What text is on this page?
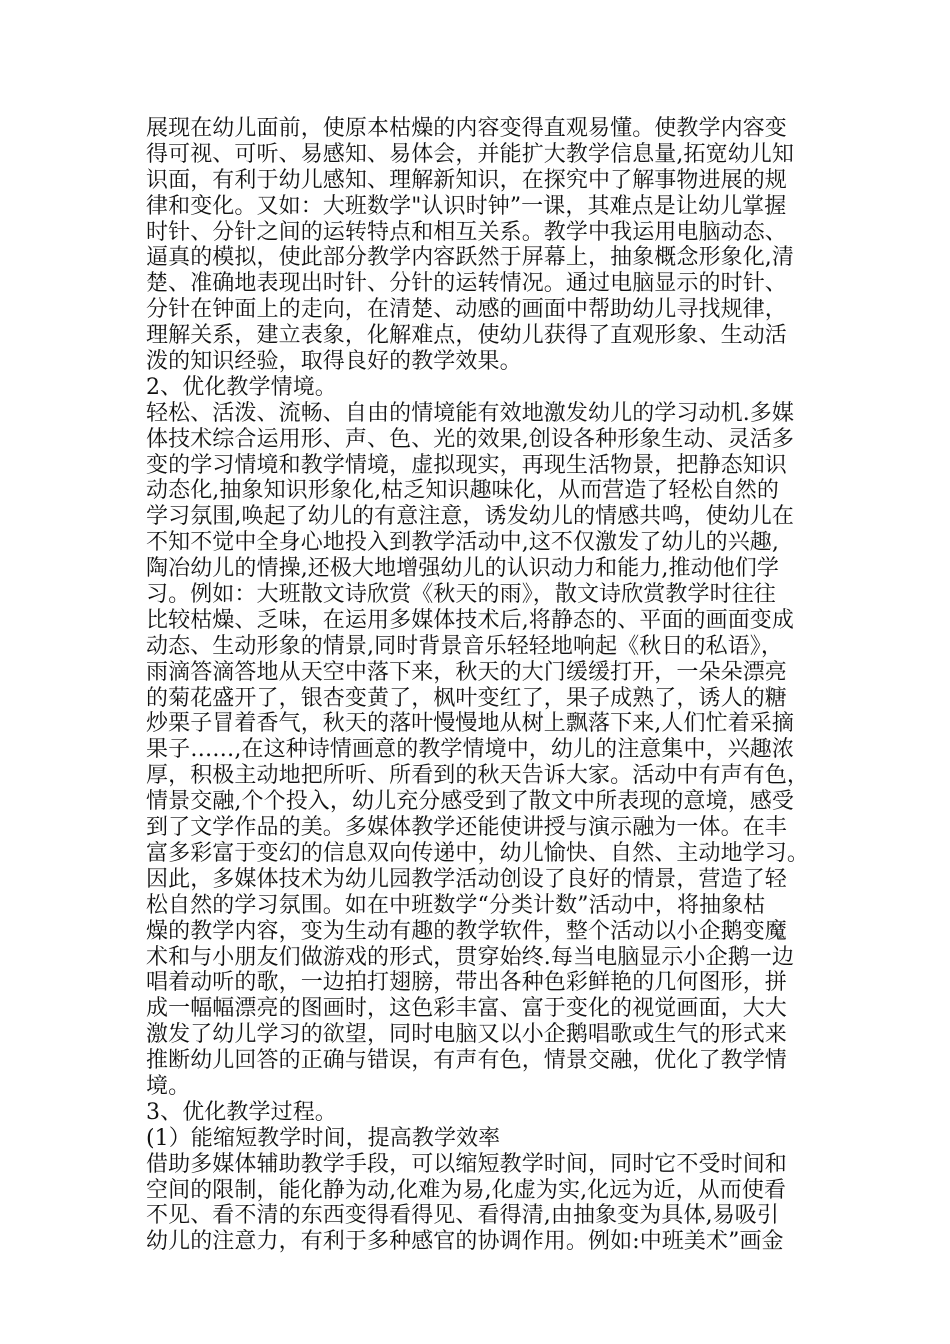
展现在幼儿面前，使原本枯燥的内容变得直观易懂。使教学内容变
得可视、可听、易感知、易体会，并能扩大教学信息量,拓宽幼儿知
识面，有利于幼儿感知、理解新知识，在探究中了解事物进展的规
律和变化。又如：大班数学"认识时钟”一课，其难点是让幼儿掌握
时针、分针之间的运转特点和相互关系。教学中我运用电脑动态、
逼真的模拟，使此部分教学内容跃然于屏幕上，抽象概念形象化,清
楚、准确地表现出时针、分针的运转情况。通过电脑显示的时针、
分针在钟面上的走向，在清楚、动感的画面中帮助幼儿寻找规律，
理解关系，建立表象，化解难点，使幼儿获得了直观形象、生动活
泼的知识经验，取得良好的教学效果。
2、优化教学情境。
轻松、活泼、流畅、自由的情境能有效地激发幼儿的学习动机.多媒
体技术综合运用形、声、色、光的效果,创设各种形象生动、灵活多
变的学习情境和教学情境，虚拟现实，再现生活物景，把静态知识
动态化,抽象知识形象化,枯乏知识趣味化，从而营造了轻松自然的
学习氛围,唤起了幼儿的有意注意，诱发幼儿的情感共鸣，使幼儿在
不知不觉中全身心地投入到教学活动中,这不仅激发了幼儿的兴趣,
陶冶幼儿的情操,还极大地增强幼儿的认识动力和能力,推动他们学
习。例如：大班散文诗欣赏《秋天的雨》，散文诗欣赏教学时往往
比较枯燥、乏味，在运用多媒体技术后,将静态的、平面的画面变成
动态、生动形象的情景,同时背景音乐轻轻地响起《秋日的私语》，
雨滴答滴答地从天空中落下来，秋天的大门缓缓打开，一朵朵漂亮
的菊花盛开了，银杏变黄了，枫叶变红了，果子成熟了，诱人的糖
炒栗子冒着香气，秋天的落叶慢慢地从树上飘落下来,人们忙着采摘
果子……,在这种诗情画意的教学情境中，幼儿的注意集中，兴趣浓
厚，积极主动地把所听、所看到的秋天告诉大家。活动中有声有色，
情景交融,个个投入，幼儿充分感受到了散文中所表现的意境，感受
到了文学作品的美。多媒体教学还能使讲授与演示融为一体。在丰
富多彩富于变幻的信息双向传递中，幼儿愉快、自然、主动地学习。
因此，多媒体技术为幼儿园教学活动创设了良好的情景，营造了轻
松自然的学习氛围。如在中班数学“分类计数”活动中，将抽象枯
燥的教学内容，变为生动有趣的教学软件，整个活动以小企鹅变魔
术和与小朋友们做游戏的形式，贯穿始终.每当电脑显示小企鹅一边
唱着动听的歌，一边拍打翅膀，带出各种色彩鲜艳的几何图形，拼
成一幅幅漂亮的图画时，这色彩丰富、富于变化的视觉画面，大大
激发了幼儿学习的欲望，同时电脑又以小企鹅唱歌或生气的形式来
推断幼儿回答的正确与错误，有声有色，情景交融，优化了教学情
境。
3、优化教学过程。
(1）能缩短教学时间，提高教学效率
借助多媒体辅助教学手段，可以缩短教学时间，同时它不受时间和
空间的限制，能化静为动,化难为易,化虚为实,化远为近，从而使看
不见、看不清的东西变得看得见、看得清,由抽象变为具体,易吸引
幼儿的注意力，有利于多种感官的协调作用。例如:中班美术”画金
